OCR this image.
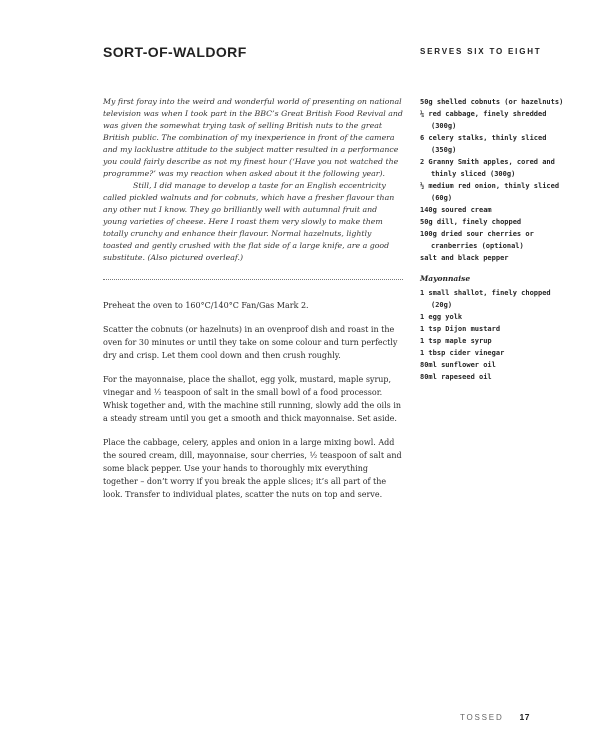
SORT-OF-WALDORF	SERVES SIX TO EIGHT

My first foray into the weird and wonderful world of presenting on national television was when I took part in the BBC’s Great British Food Revival and was given the somewhat trying task of selling British nuts to the great British public. The combination of my inexperience in front of the camera and my lacklustre attitude to the subject matter resulted in a performance you could fairly describe as not my finest hour (‘Have you not watched the programme?’ was my reaction when asked about it the following year).

Still, I did manage to develop a taste for an English eccentricity called pickled walnuts and for cobnuts, which have a fresher flavour than any other nut I know. They go brilliantly well with autumnal fruit and young varieties of cheese. Here I roast them very slowly to make them totally crunchy and enhance their flavour. Normal hazelnuts, lightly toasted and gently crushed with the flat side of a large knife, are a good substitute. (Also pictured overleaf.)

Preheat the oven to 160°C/140°C Fan/Gas Mark 2.

Scatter the cobnuts (or hazelnuts) in an ovenproof dish and roast in the oven for 30 minutes or until they take on some colour and turn perfectly dry and crisp. Let them cool down and then crush roughly.

For the mayonnaise, place the shallot, egg yolk, mustard, maple syrup, vinegar and ½ teaspoon of salt in the small bowl of a food processor. Whisk together and, with the machine still running, slowly add the oils in a steady stream until you get a smooth and thick mayonnaise. Set aside.

Place the cabbage, celery, apples and onion in a large mixing bowl. Add the soured cream, dill, mayonnaise, sour cherries, ½ teaspoon of salt and some black pepper. Use your hands to thoroughly mix everything together – don’t worry if you break the apple slices; it’s all part of the look. Transfer to individual plates, scatter the nuts on top and serve.

50g shelled cobnuts (or hazelnuts)

¼ red cabbage, finely shredded (300g)

6 celery stalks, thinly sliced (350g)

2 Granny Smith apples, cored and thinly sliced (300g)

½ medium red onion, thinly sliced (60g)

140g soured cream

50g dill, finely chopped

100g dried sour cherries or cranberries (optional)

salt and black pepper

Mayonnaise

1 small shallot, finely chopped (20g)

1 egg yolk

1 tsp Dijon mustard

1 tsp maple syrup

1 tbsp cider vinegar

80ml sunflower oil

80ml rapeseed oil

TOSSED 17
